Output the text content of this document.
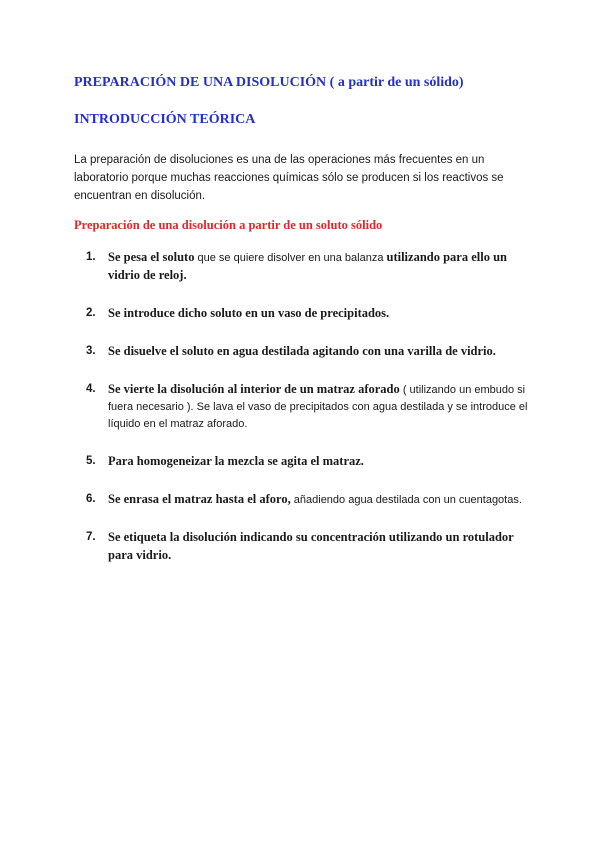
PREPARACIÓN DE UNA DISOLUCIÓN ( a partir de un sólido)
INTRODUCCIÓN TEÓRICA
La preparación de disoluciones es una de las operaciones más frecuentes en un laboratorio porque muchas reacciones químicas sólo se producen si los reactivos se encuentran en disolución.
Preparación de una disolución a partir de un soluto sólido
1. Se pesa el soluto que se quiere disolver en una balanza utilizando para ello un vidrio de reloj.
2. Se introduce dicho soluto en un vaso de precipitados.
3. Se disuelve el soluto en agua destilada agitando con una varilla de vidrio.
4. Se vierte la disolución al interior de un matraz aforado ( utilizando un embudo si fuera necesario ). Se lava el vaso de precipitados con agua destilada y se introduce el líquido en el matraz aforado.
5. Para homogeneizar la mezcla se agita el matraz.
6. Se enrasa el matraz hasta el aforo, añadiendo agua destilada con un cuentagotas.
7. Se etiqueta la disolución indicando su concentración utilizando un rotulador para vidrio.
